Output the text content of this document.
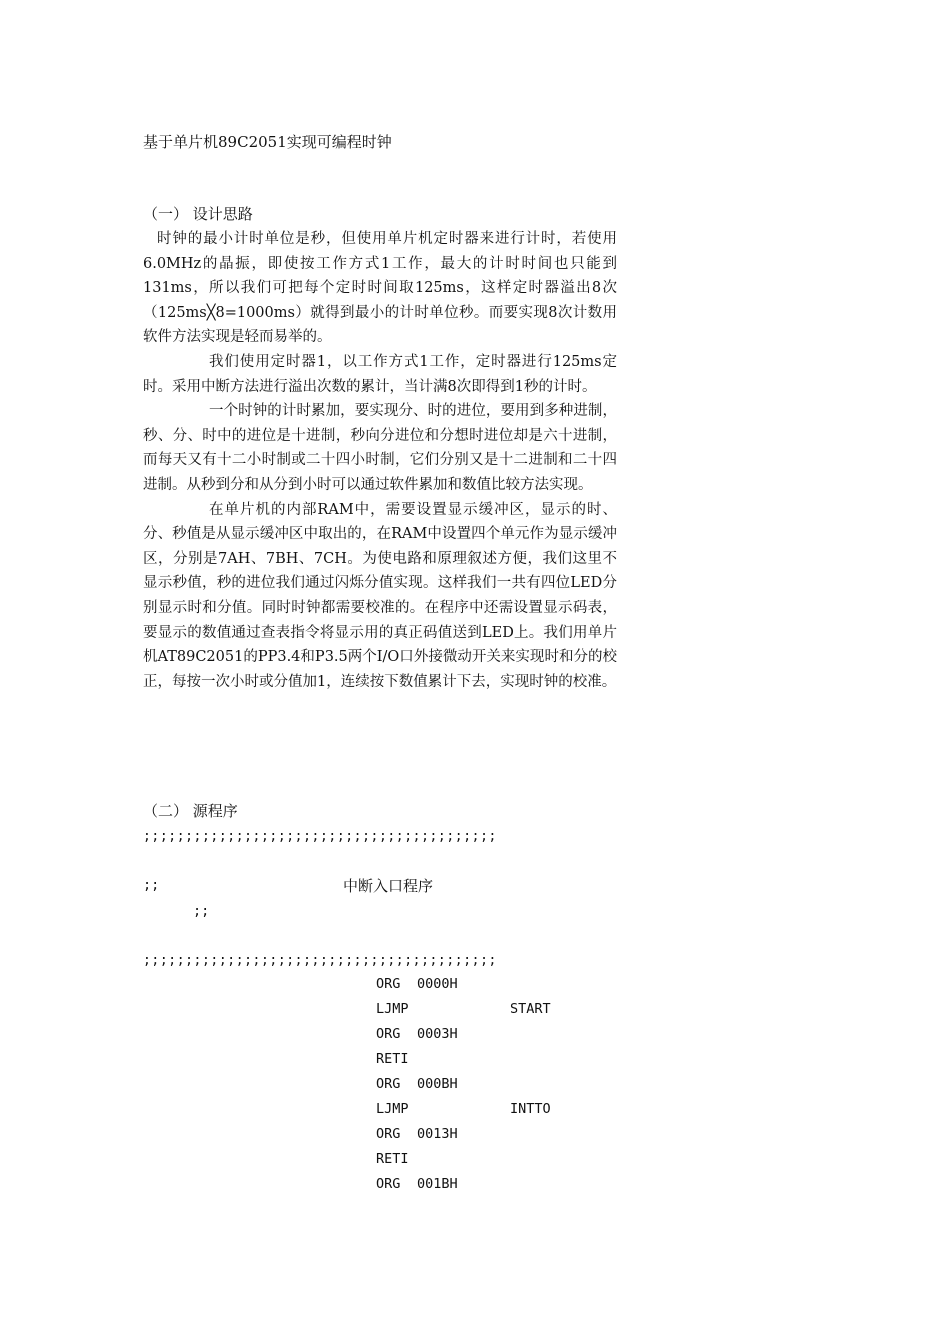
基于单片机89C2051实现可编程时钟
（一） 设计思路

时钟的最小计时单位是秒，但使用单片机定时器来进行计时，若使用6.0MHz的晶振，即使按工作方式1工作，最大的计时时间也只能到131ms，所以我们可把每个定时时间取125ms，这样定时器溢出8次（125ms╳8=1000ms）就得到最小的计时单位秒。而要实现8次计数用软件方法实现是轻而易举的。

我们使用定时器1，以工作方式1工作，定时器进行125ms定时。采用中断方法进行溢出次数的累计，当计满8次即得到1秒的计时。

一个时钟的计时累加，要实现分、时的进位，要用到多种进制，秒、分、时中的进位是十进制，秒向分进位和分想时进位却是六十进制，而每天又有十二小时制或二十四小时制，它们分别又是十二进制和二十四进制。从秒到分和从分到小时可以通过软件累加和数值比较方法实现。

在单片机的内部RAM中，需要设置显示缓冲区，显示的时、分、秒值是从显示缓冲区中取出的，在RAM中设置四个单元作为显示缓冲区，分别是7AH、7BH、7CH。为使电路和原理叙述方便，我们这里不显示秒值，秒的进位我们通过闪烁分值实现。这样我们一共有四位LED分别显示时和分值。同时时钟都需要校准的。在程序中还需设置显示码表，要显示的数值通过查表指令将显示用的真正码值送到LED上。我们用单片机AT89C2051的PP3.4和P3.5两个I/O口外接微动开关来实现时和分的校正，每按一次小时或分值加1，连续按下数值累计下去，实现时钟的校准。

（二） 源程序
;;;;;;;;;;;;;;;;;;;;;;;;;;;;;;;;;;;;;;;;;;
;;	中断入口程序
;;
;;;;;;;;;;;;;;;;;;;;;;;;;;;;;;;;;;;;;;;;;;
ORG 0000H
LJMP	START
ORG 0003H
RETI
ORG 000BH
LJMP	INTTO
ORG 0013H
RETI
ORG 001BH
